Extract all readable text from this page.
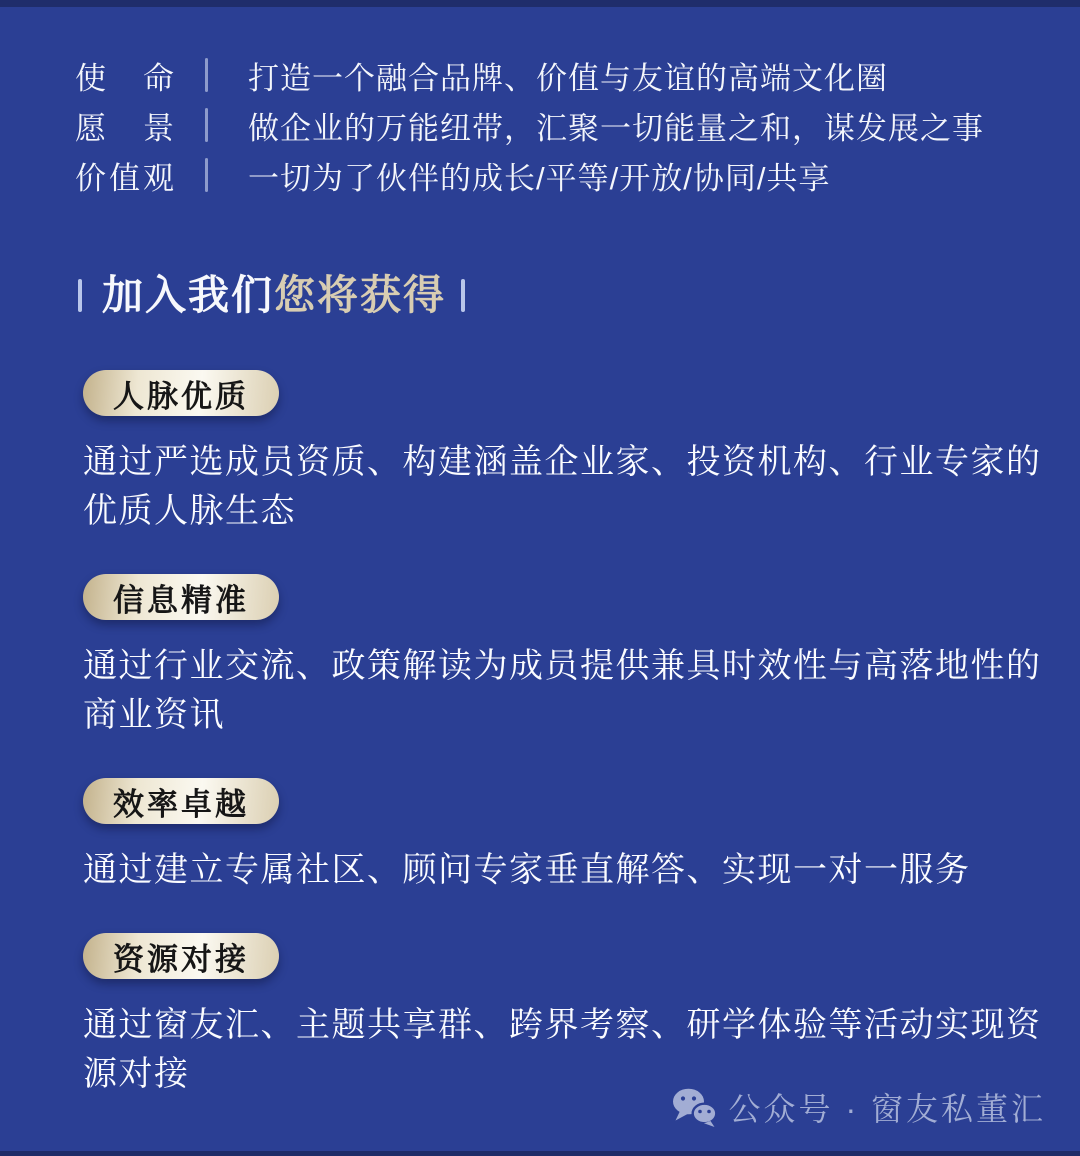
使命 打造一个融合品牌、价值与友谊的高端文化圈
愿景 做企业的万能纽带，汇聚一切能量之和，谋发展之事
价值观 一切为了伙伴的成长/平等/开放/协同/共享
加入我们您将获得
人脉优质

通过严选成员资质、构建涵盖企业家、投资机构、行业专家的优质人脉生态

信息精准

通过行业交流、政策解读为成员提供兼具时效性与高落地性的商业资讯

效率卓越

通过建立专属社区、顾问专家垂直解答、实现一对一服务

资源对接

通过窗友汇、主题共享群、跨界考察、研学体验等活动实现资源对接

公众号 · 窗友私董汇
